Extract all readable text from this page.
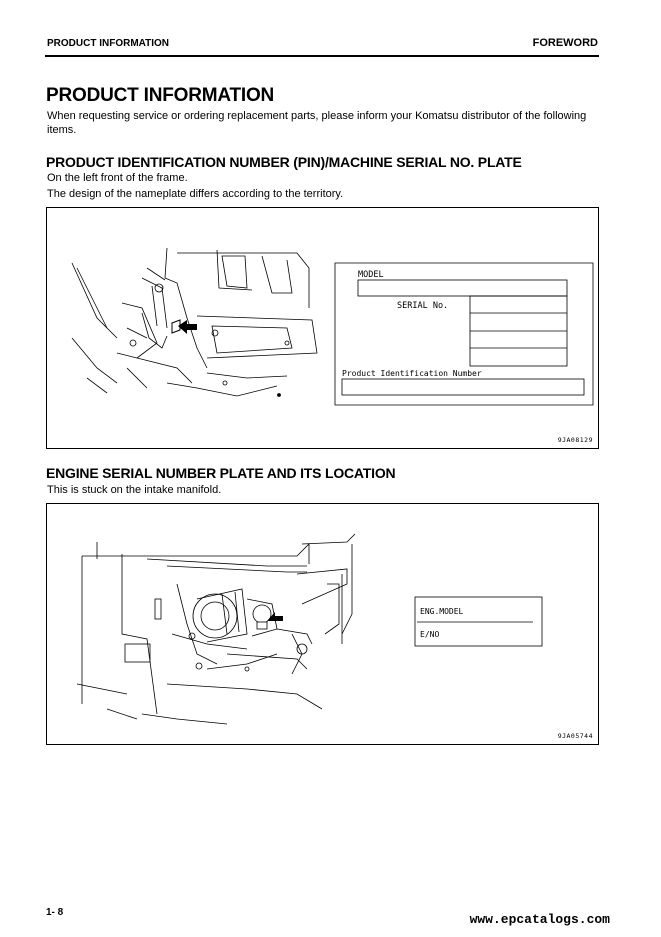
PRODUCT INFORMATION	FOREWORD
PRODUCT INFORMATION
When requesting service or ordering replacement parts, please inform your Komatsu distributor of the following items.
PRODUCT IDENTIFICATION NUMBER (PIN)/MACHINE SERIAL NO. PLATE
On the left front of the frame.
The design of the nameplate differs according to the territory.
MODEL
SERIAL No.
Product Identification Number
9JA08129
ENGINE SERIAL NUMBER PLATE AND ITS LOCATION
This is stuck on the intake manifold.
ENG.MODEL
E/NO
9JA05744
1- 8	www.epcatalogs.com
